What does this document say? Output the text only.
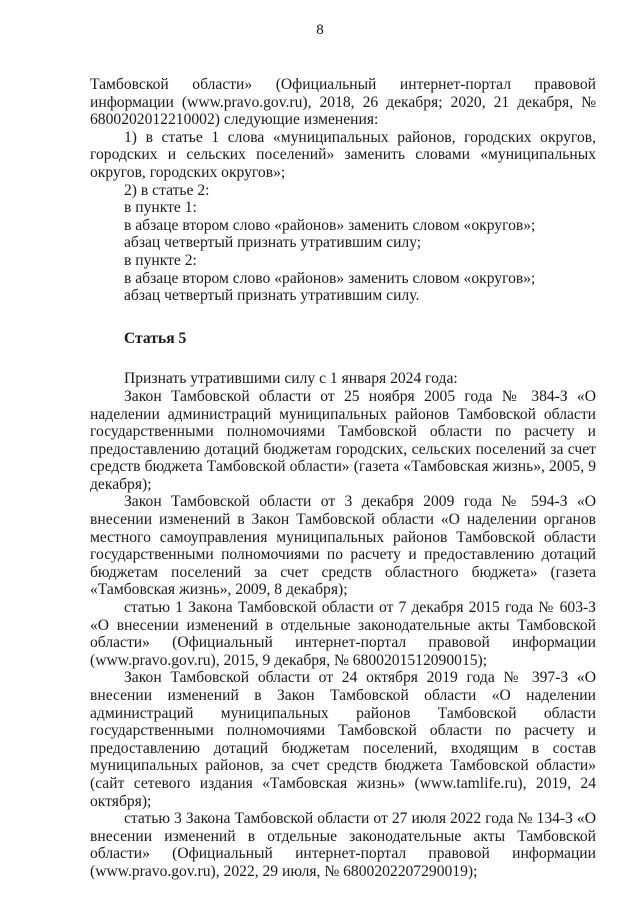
8

Тамбовской области» (Официальный интернет-портал правовой информации (www.pravo.gov.ru), 2018, 26 декабря; 2020, 21 декабря, № 6800202012210002) следующие изменения:

1) в статье 1 слова «муниципальных районов, городских округов, городских и сельских поселений» заменить словами «муниципальных округов, городских округов»;

2) в статье 2:

в пункте 1:

в абзаце втором слово «районов» заменить словом «округов»;

абзац четвертый признать утратившим силу;

в пункте 2:

в абзаце втором слово «районов» заменить словом «округов»;

абзац четвертый признать утратившим силу.

Статья 5

Признать утратившими силу с 1 января 2024 года:

Закон Тамбовской области от 25 ноября 2005 года № 384-З «О наделении администраций муниципальных районов Тамбовской области государственными полномочиями Тамбовской области по расчету и предоставлению дотаций бюджетам городских, сельских поселений за счет средств бюджета Тамбовской области» (газета «Тамбовская жизнь», 2005, 9 декабря);

Закон Тамбовской области от 3 декабря 2009 года № 594-З «О внесении изменений в Закон Тамбовской области «О наделении органов местного самоуправления муниципальных районов Тамбовской области государственными полномочиями по расчету и предоставлению дотаций бюджетам поселений за счет средств областного бюджета» (газета «Тамбовская жизнь», 2009, 8 декабря);

статью 1 Закона Тамбовской области от 7 декабря 2015 года № 603-З «О внесении изменений в отдельные законодательные акты Тамбовской области» (Официальный интернет-портал правовой информации (www.pravo.gov.ru), 2015, 9 декабря, № 6800201512090015);

Закон Тамбовской области от 24 октября 2019 года № 397-З «О внесении изменений в Закон Тамбовской области «О наделении администраций муниципальных районов Тамбовской области государственными полномочиями Тамбовской области по расчету и предоставлению дотаций бюджетам поселений, входящим в состав муниципальных районов, за счет средств бюджета Тамбовской области» (сайт сетевого издания «Тамбовская жизнь» (www.tamlife.ru), 2019, 24 октября);

статью 3 Закона Тамбовской области от 27 июля 2022 года № 134-З «О внесении изменений в отдельные законодательные акты Тамбовской области» (Официальный интернет-портал правовой информации (www.pravo.gov.ru), 2022, 29 июля, № 6800202207290019);
